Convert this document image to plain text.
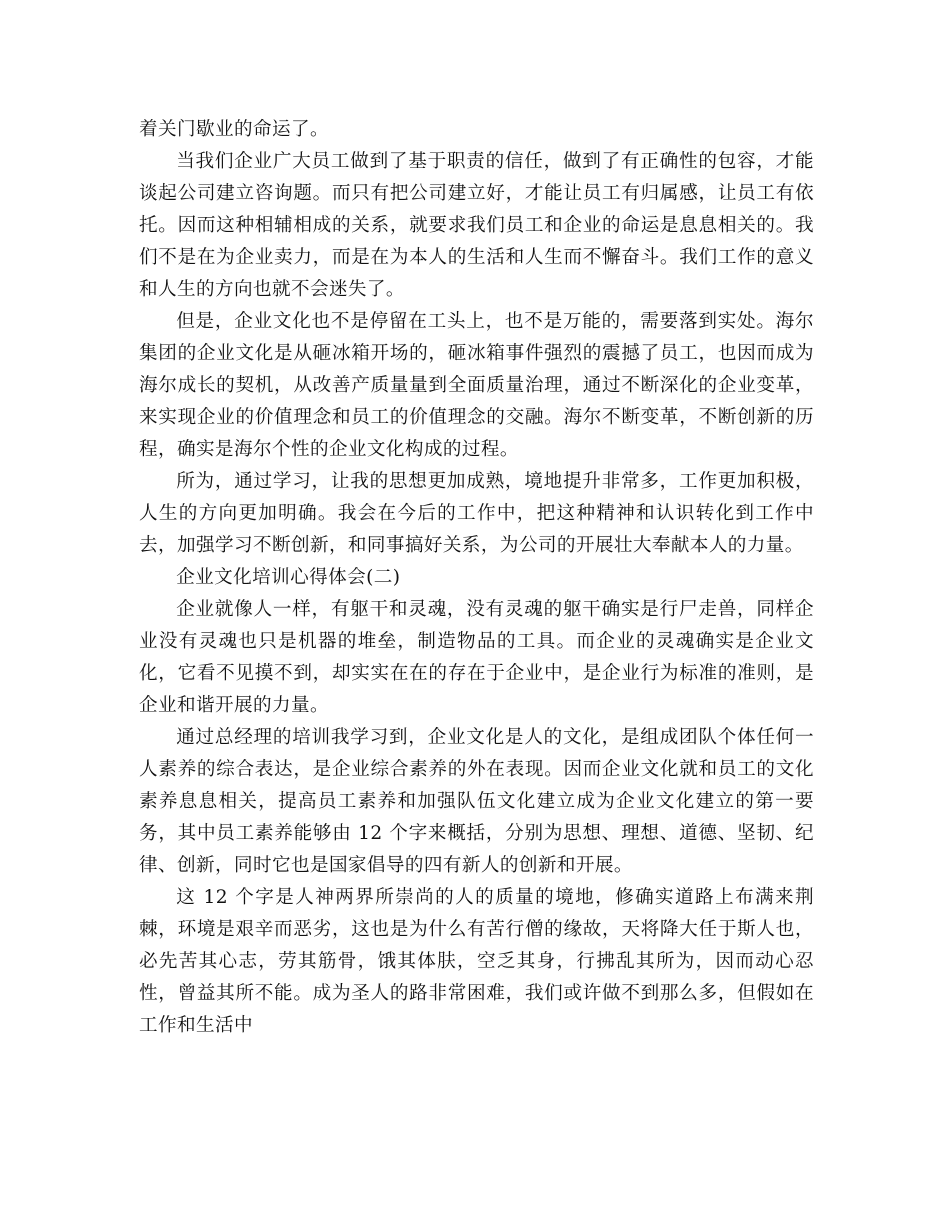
着关门歇业的命运了。

当我们企业广大员工做到了基于职责的信任，做到了有正确性的包容，才能谈起公司建立咨询题。而只有把公司建立好，才能让员工有归属感，让员工有依托。因而这种相辅相成的关系，就要求我们员工和企业的命运是息息相关的。我们不是在为企业卖力，而是在为本人的生活和人生而不懈奋斗。我们工作的意义和人生的方向也就不会迷失了。

但是，企业文化也不是停留在工头上，也不是万能的，需要落到实处。海尔集团的企业文化是从砸冰箱开场的，砸冰箱事件强烈的震撼了员工，也因而成为海尔成长的契机，从改善产质量量到全面质量治理，通过不断深化的企业变革，来实现企业的价值理念和员工的价值理念的交融。海尔不断变革，不断创新的历程，确实是海尔个性的企业文化构成的过程。

所为，通过学习，让我的思想更加成熟，境地提升非常多，工作更加积极，人生的方向更加明确。我会在今后的工作中，把这种精神和认识转化到工作中去，加强学习不断创新，和同事搞好关系，为公司的开展壮大奉献本人的力量。

企业文化培训心得体会(二)

企业就像人一样，有躯干和灵魂，没有灵魂的躯干确实是行尸走兽，同样企业没有灵魂也只是机器的堆垒，制造物品的工具。而企业的灵魂确实是企业文化，它看不见摸不到，却实实在在的存在于企业中，是企业行为标准的准则，是企业和谐开展的力量。

通过总经理的培训我学习到，企业文化是人的文化，是组成团队个体任何一人素养的综合表达，是企业综合素养的外在表现。因而企业文化就和员工的文化素养息息相关，提高员工素养和加强队伍文化建立成为企业文化建立的第一要务，其中员工素养能够由 12 个字来概括，分别为思想、理想、道德、坚韧、纪律、创新，同时它也是国家倡导的四有新人的创新和开展。

这 12 个字是人神两界所崇尚的人的质量的境地，修确实道路上布满来荆棘，环境是艰辛而恶劣，这也是为什么有苦行僧的缘故，天将降大任于斯人也，必先苦其心志，劳其筋骨，饿其体肤，空乏其身，行拂乱其所为，因而动心忍性，曾益其所不能。成为圣人的路非常困难，我们或许做不到那么多，但假如在工作和生活中
